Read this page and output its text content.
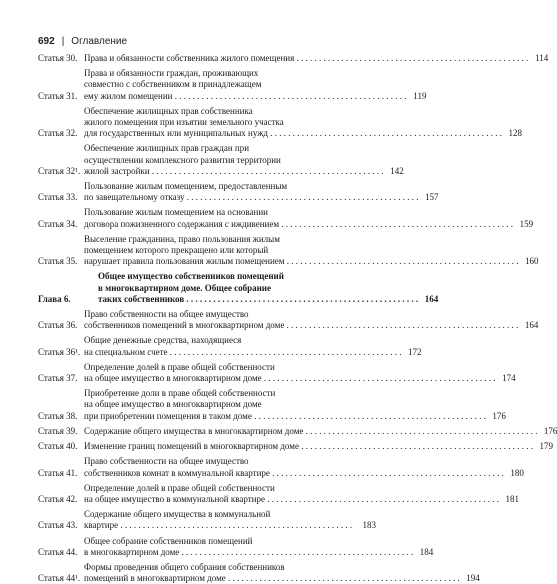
692 | Оглавление
Статья 30. Права и обязанности собственника жилого помещения . . . . . . . . . . . . . . . . . . . . . . . . . . . . . . . . . . . . . . . . . . . . . . . . . . . . 114
Статья 31.
Права и обязанности граждан, проживающих
совместно с собственником в принадлежащем
ему жилом помещении . . . . . . . . . . . . . . . . . . . . . . . . . . . . . . . . . . . . . . . . . . . . . . . . . . . . 119
Статья 32.
Обеспечение жилищных прав собственника
жилого помещения при изъятии земельного участка
для государственных или муниципальных нужд . . . . . . . . . . . . . . . . . . . . . . . . . . . . . . . . . . . . . . . . . . . . . . . . . . . . 128
Статья 32¹.
Обеспечение жилищных прав граждан при
осуществлении комплексного развития территории
жилой застройки . . . . . . . . . . . . . . . . . . . . . . . . . . . . . . . . . . . . . . . . . . . . . . . . . . . . 142
Статья 33.
Пользование жилым помещением, предоставленным
по завещательному отказу . . . . . . . . . . . . . . . . . . . . . . . . . . . . . . . . . . . . . . . . . . . . . . . . . . . . 157
Статья 34.
Пользование жилым помещением на основании
договора пожизненного содержания с иждивением . . . . . . . . . . . . . . . . . . . . . . . . . . . . . . . . . . . . . . . . . . . . . . . . . . . . 159
Статья 35.
Выселение гражданина, право пользования жилым
помещением которого прекращено или который
нарушает правила пользования жилым помещением . . . . . . . . . . . . . . . . . . . . . . . . . . . . . . . . . . . . . . . . . . . . . . . . . . . . 160
Глава 6.
Общее имущество собственников помещений
в многоквартирном доме. Общее собрание
таких собственников . . . . . . . . . . . . . . . . . . . . . . . . . . . . . . . . . . . . . . . . . . . . . . . . . . . . 164
Статья 36.
Право собственности на общее имущество
собственников помещений в многоквартирном доме . . . . . . . . . . . . . . . . . . . . . . . . . . . . . . . . . . . . . . . . . . . . . . . . . . . . 164
Статья 36¹.
Общие денежные средства, находящиеся
на специальном счете . . . . . . . . . . . . . . . . . . . . . . . . . . . . . . . . . . . . . . . . . . . . . . . . . . . . 172
Статья 37.
Определение долей в праве общей собственности
на общее имущество в многоквартирном доме . . . . . . . . . . . . . . . . . . . . . . . . . . . . . . . . . . . . . . . . . . . . . . . . . . . . 174
Статья 38.
Приобретение доли в праве общей собственности
на общее имущество в многоквартирном доме
при приобретении помещения в таком доме . . . . . . . . . . . . . . . . . . . . . . . . . . . . . . . . . . . . . . . . . . . . . . . . . . . . 176
Статья 39. Содержание общего имущества в многоквартирном доме . . . . . . . . . . . . . . . . . . . . . . . . . . . . . . . . . . . . . . . . . . . . . . . . . . . . 176
Статья 40. Изменение границ помещений в многоквартирном доме . . . . . . . . . . . . . . . . . . . . . . . . . . . . . . . . . . . . . . . . . . . . . . . . . . . . 179
Статья 41.
Право собственности на общее имущество
собственников комнат в коммунальной квартире . . . . . . . . . . . . . . . . . . . . . . . . . . . . . . . . . . . . . . . . . . . . . . . . . . . . 180
Статья 42.
Определение долей в праве общей собственности
на общее имущество в коммунальной квартире . . . . . . . . . . . . . . . . . . . . . . . . . . . . . . . . . . . . . . . . . . . . . . . . . . . . 181
Статья 43.
Содержание общего имущества в коммунальной
квартире . . . . . . . . . . . . . . . . . . . . . . . . . . . . . . . . . . . . . . . . . . . . . . . . . . . .	183
Статья 44.
Общее собрание собственников помещений
в многоквартирном доме . . . . . . . . . . . . . . . . . . . . . . . . . . . . . . . . . . . . . . . . . . . . . . . . . . . . 184
Статья 44¹.
Формы проведения общего собрания собственников
помещений в многоквартирном доме . . . . . . . . . . . . . . . . . . . . . . . . . . . . . . . . . . . . . . . . . . . . . . . . . . . . 194
